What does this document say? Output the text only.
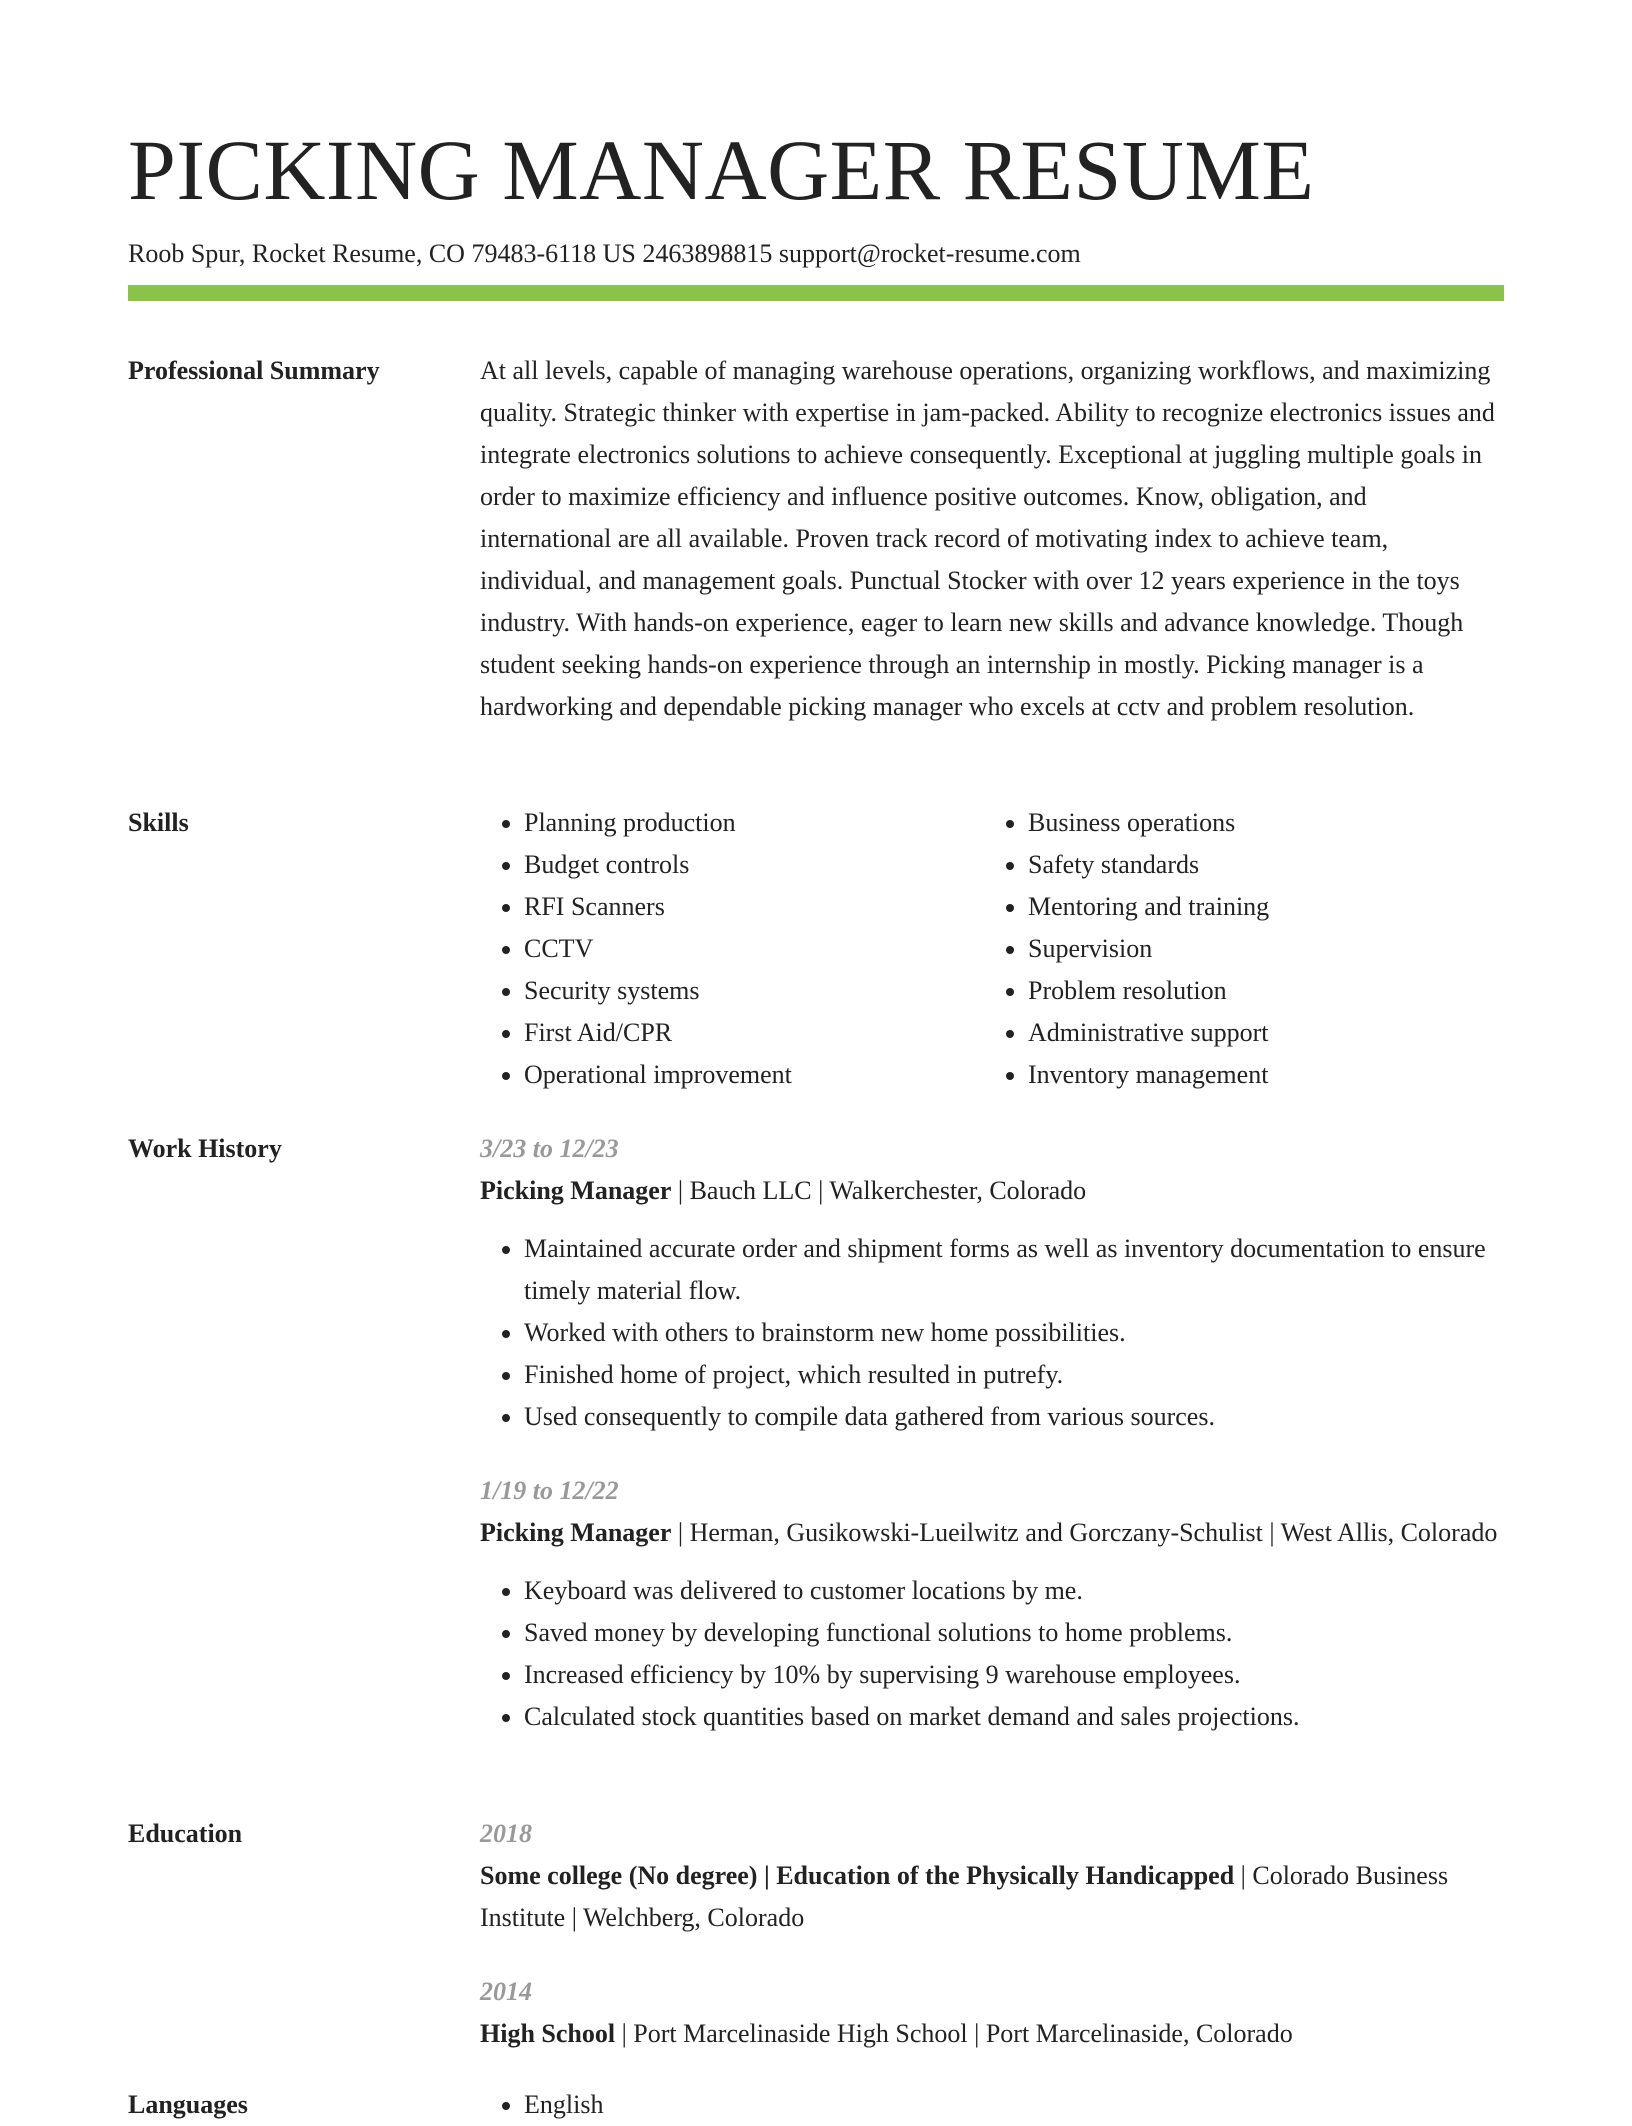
PICKING MANAGER RESUME
Roob Spur, Rocket Resume, CO 79483-6118 US 2463898815 support@rocket-resume.com
Professional Summary	At all levels, capable of managing warehouse operations, organizing workflows, and maximizing quality. Strategic thinker with expertise in jam-packed. Ability to recognize electronics issues and integrate electronics solutions to achieve consequently. Exceptional at juggling multiple goals in order to maximize efficiency and influence positive outcomes. Know, obligation, and international are all available. Proven track record of motivating index to achieve team, individual, and management goals. Punctual Stocker with over 12 years experience in the toys industry. With hands-on experience, eager to learn new skills and advance knowledge. Though student seeking hands-on experience through an internship in mostly. Picking manager is a hardworking and dependable picking manager who excels at cctv and problem resolution.

Skills	• Planning production
• Budget controls
• RFI Scanners
• CCTV
• Security systems
• First Aid/CPR
• Operational improvement
• Business operations
• Safety standards
• Mentoring and training
• Supervision
• Problem resolution
• Administrative support
• Inventory management
Work History	3/23 to 12/23
Picking Manager | Bauch LLC | Walkerchester, Colorado
• Maintained accurate order and shipment forms as well as inventory documentation to ensure timely material flow.
• Worked with others to brainstorm new home possibilities.
• Finished home of project, which resulted in putrefy.
• Used consequently to compile data gathered from various sources.
1/19 to 12/22
Picking Manager | Herman, Gusikowski-Lueilwitz and Gorczany-Schulist | West Allis, Colorado
• Keyboard was delivered to customer locations by me.
• Saved money by developing functional solutions to home problems.
• Increased efficiency by 10% by supervising 9 warehouse employees.
• Calculated stock quantities based on market demand and sales projections.
Education	2018
Some college (No degree) | Education of the Physically Handicapped | Colorado Business Institute | Welchberg, Colorado
2014
High School | Port Marcelinaside High School | Port Marcelinaside, Colorado
Languages	• English
